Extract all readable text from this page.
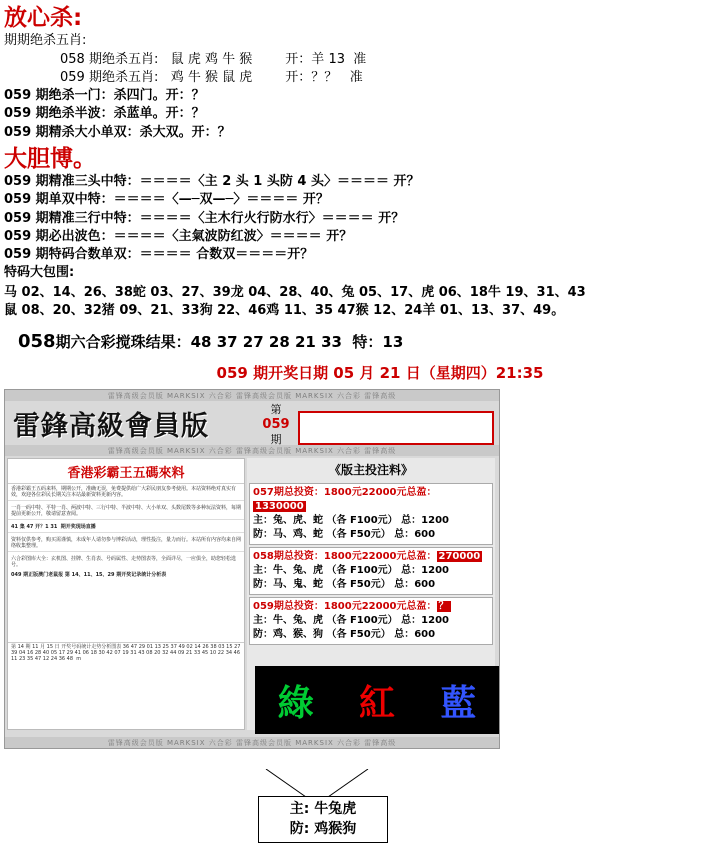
放心杀:
期期绝杀五肖:
058 期绝杀五肖:   鼠 虎 鸡 牛 猴        开：羊 13  准
059 期绝杀五肖:   鸡 牛 猴 鼠 虎        开：？？   准
059 期绝杀一门：杀四门。开：？
059 期绝杀半波：杀蓝单。开：？
059 期精杀大小单双：杀大双。开：？
大胆博。
059 期精准三头中特：＝＝＝＝〈主 2 头 1 头防 4 头〉＝＝＝＝ 开？
059 期单双中特：＝＝＝＝〈—─双—─〉＝＝＝＝ 开？
059 期精准三行中特：＝＝＝＝〈主木行火行防水行〉＝＝＝＝ 开？
059 期必出波色：＝＝＝＝〈主氣波防红波〉＝＝＝＝ 开？
059 期特码合数单双：＝＝＝＝ 合数双＝＝＝＝开？
特码大包围:
马 02、14、26、38蛇 03、27、39龙 04、28、40、兔 05、17、虎 06、18牛 19、31、43
鼠 08、20、32猪 09、21、33狗 22、46鸡 11、35 47猴 12、24羊 01、13、37、49。
058期六合彩搅珠结果：48 37 27 28 21 33 特：13
059 期开奖日期 05 月 21 日（星期四）21:35
雷锋高级会员版 MARKSIX 六合彩 雷锋高级会员版 MARKSIX 六合彩 雷锋高级
雷鋒高級會員版
第
059
期
雷锋高级会员版 MARKSIX 六合彩 雷锋高级会员版 MARKSIX 六合彩 雷锋高级
香港彩霸王五碼來料
香港彩霸王五码来料，期期公开，准确无误，免费提供给广大彩民朋友参考使用。本站资料绝对真实有效，欢迎各位彩民长期关注本站最新资料更新内容。
一肖一码中特、平特一肖、两波中特、三行中特、半波中特、大小单双、头数尾数等多种玩法资料，每期提前更新公开，敬请留意查阅。
41 集 47 开？1 31  期开奖现场直播
资料仅供参考，购买需谨慎，未成年人请勿参与博彩活动，理性投注，量力而行。本站所有内容均来自网络收集整理。
六合彩图库大全：玄机图、挂牌、生肖表、号码属性、走势图表等，全面详尽，一应俱全，助您轻松选号。
049 期正版澳门老鼠报 第 14、11、15、29 期开奖记录统计分析表
第 14 期 11 月 15 日 开奖号码统计走势分析图表 36 47 29 01 13 25 37 49 02 14 26 38 03 15 27 39 04 16 28 40 05 17 29 41 06 18 30 42 07 19 31 43 08 20 32 44 09 21 33 45 10 22 34 46 11 23 35 47 12 24 36 48  m
《版主投注料》
057期总投资：1800元22000元总盈：1330000
主：兔、虎、蛇 （各 F100元） 总：1200
防：马、鸡、蛇 （各 F50元） 总：600
058期总投资：1800元22000元总盈： 270000
主：牛、兔、虎 （各 F100元） 总：1200
防：马、鬼、蛇 （各 F50元） 总：600
059期总投资：1800元22000元总盈： ？
主：牛、兔、虎 （各 F100元） 总：1200
防：鸡、猴、狗 （各 F50元） 总：600
綠 紅 藍
雷锋高级会员版 MARKSIX 六合彩 雷锋高级会员版 MARKSIX 六合彩 雷锋高级
主: 牛兔虎
防: 鸡猴狗
